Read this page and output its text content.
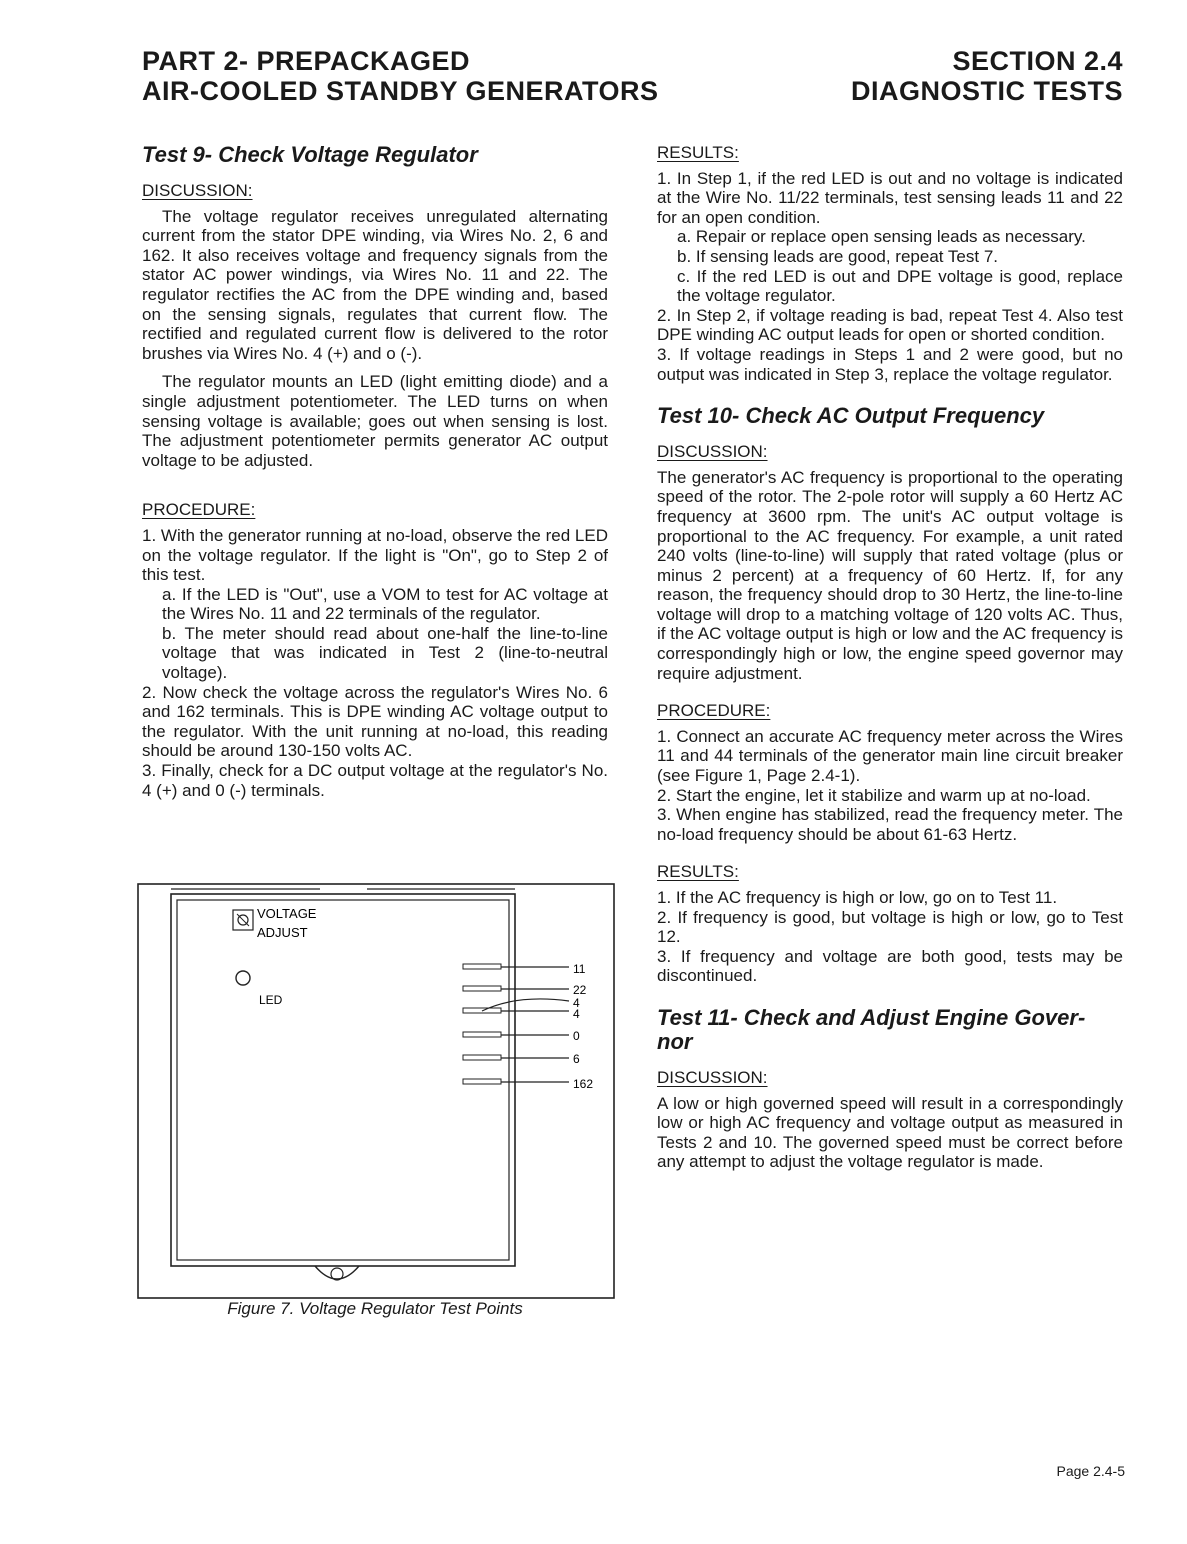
PART 2- PREPACKAGED
AIR-COOLED STANDBY GENERATORS
SECTION 2.4
DIAGNOSTIC TESTS

Test 9- Check Voltage Regulator

DISCUSSION:

The voltage regulator receives unregulated alternating current from the stator DPE winding, via Wires No. 2, 6 and 162. It also receives voltage and frequency signals from the stator AC power windings, via Wires No. 11 and 22. The regulator rectifies the AC from the DPE winding and, based on the sensing signals, regulates that current flow. The rectified and regulated current flow is delivered to the rotor brushes via Wires No. 4 (+) and o (-).

The regulator mounts an LED (light emitting diode) and a single adjustment potentiometer. The LED turns on when sensing voltage is available; goes out when sensing is lost. The adjustment potentiometer permits generator AC output voltage to be adjusted.

PROCEDURE:

1. With the generator running at no-load, observe the red LED on the voltage regulator. If the light is "On", go to Step 2 of this test.

a. If the LED is "Out", use a VOM to test for AC voltage at the Wires No. 11 and 22 terminals of the regulator.

b. The meter should read about one-half the line-to-line voltage that was indicated in Test 2 (line-to-neutral voltage).

2. Now check the voltage across the regulator's Wires No. 6 and 162 terminals. This is DPE winding AC voltage output to the regulator. With the unit running at no-load, this reading should be around 130-150 volts AC.

3. Finally, check for a DC output voltage at the regulator's No. 4 (+) and 0 (-) terminals.

VOLTAGE
ADJUST
LED
11
22
4
4
0
6
162
Figure 7. Voltage Regulator Test Points

RESULTS:

1. In Step 1, if the red LED is out and no voltage is indicated at the Wire No. 11/22 terminals, test sensing leads 11 and 22 for an open condition.

a. Repair or replace open sensing leads as necessary.

b. If sensing leads are good, repeat Test 7.

c. If the red LED is out and DPE voltage is good, replace the voltage regulator.

2. In Step 2, if voltage reading is bad, repeat Test 4. Also test DPE winding AC output leads for open or shorted condition.

3. If voltage readings in Steps 1 and 2 were good, but no output was indicated in Step 3, replace the voltage regulator.

Test 10- Check AC Output Frequency

DISCUSSION:

The generator's AC frequency is proportional to the operating speed of the rotor. The 2-pole rotor will supply a 60 Hertz AC frequency at 3600 rpm. The unit's AC output voltage is proportional to the AC frequency. For example, a unit rated 240 volts (line-to-line) will supply that rated voltage (plus or minus 2 percent) at a frequency of 60 Hertz. If, for any reason, the frequency should drop to 30 Hertz, the line-to-line voltage will drop to a matching voltage of 120 volts AC. Thus, if the AC voltage output is high or low and the AC frequency is correspondingly high or low, the engine speed governor may require adjustment.

PROCEDURE:

1. Connect an accurate AC frequency meter across the Wires 11 and 44 terminals of the generator main line circuit breaker (see Figure 1, Page 2.4-1).

2. Start the engine, let it stabilize and warm up at no-load.

3. When engine has stabilized, read the frequency meter. The no-load frequency should be about 61-63 Hertz.

RESULTS:

1. If the AC frequency is high or low, go on to Test 11.

2. If frequency is good, but voltage is high or low, go to Test 12.

3. If frequency and voltage are both good, tests may be discontinued.

Test 11- Check and Adjust Engine Gover-

nor

DISCUSSION:

A low or high governed speed will result in a correspondingly low or high AC frequency and voltage output as measured in Tests 2 and 10. The governed speed must be correct before any attempt to adjust the voltage regulator is made.

Page 2.4-5
